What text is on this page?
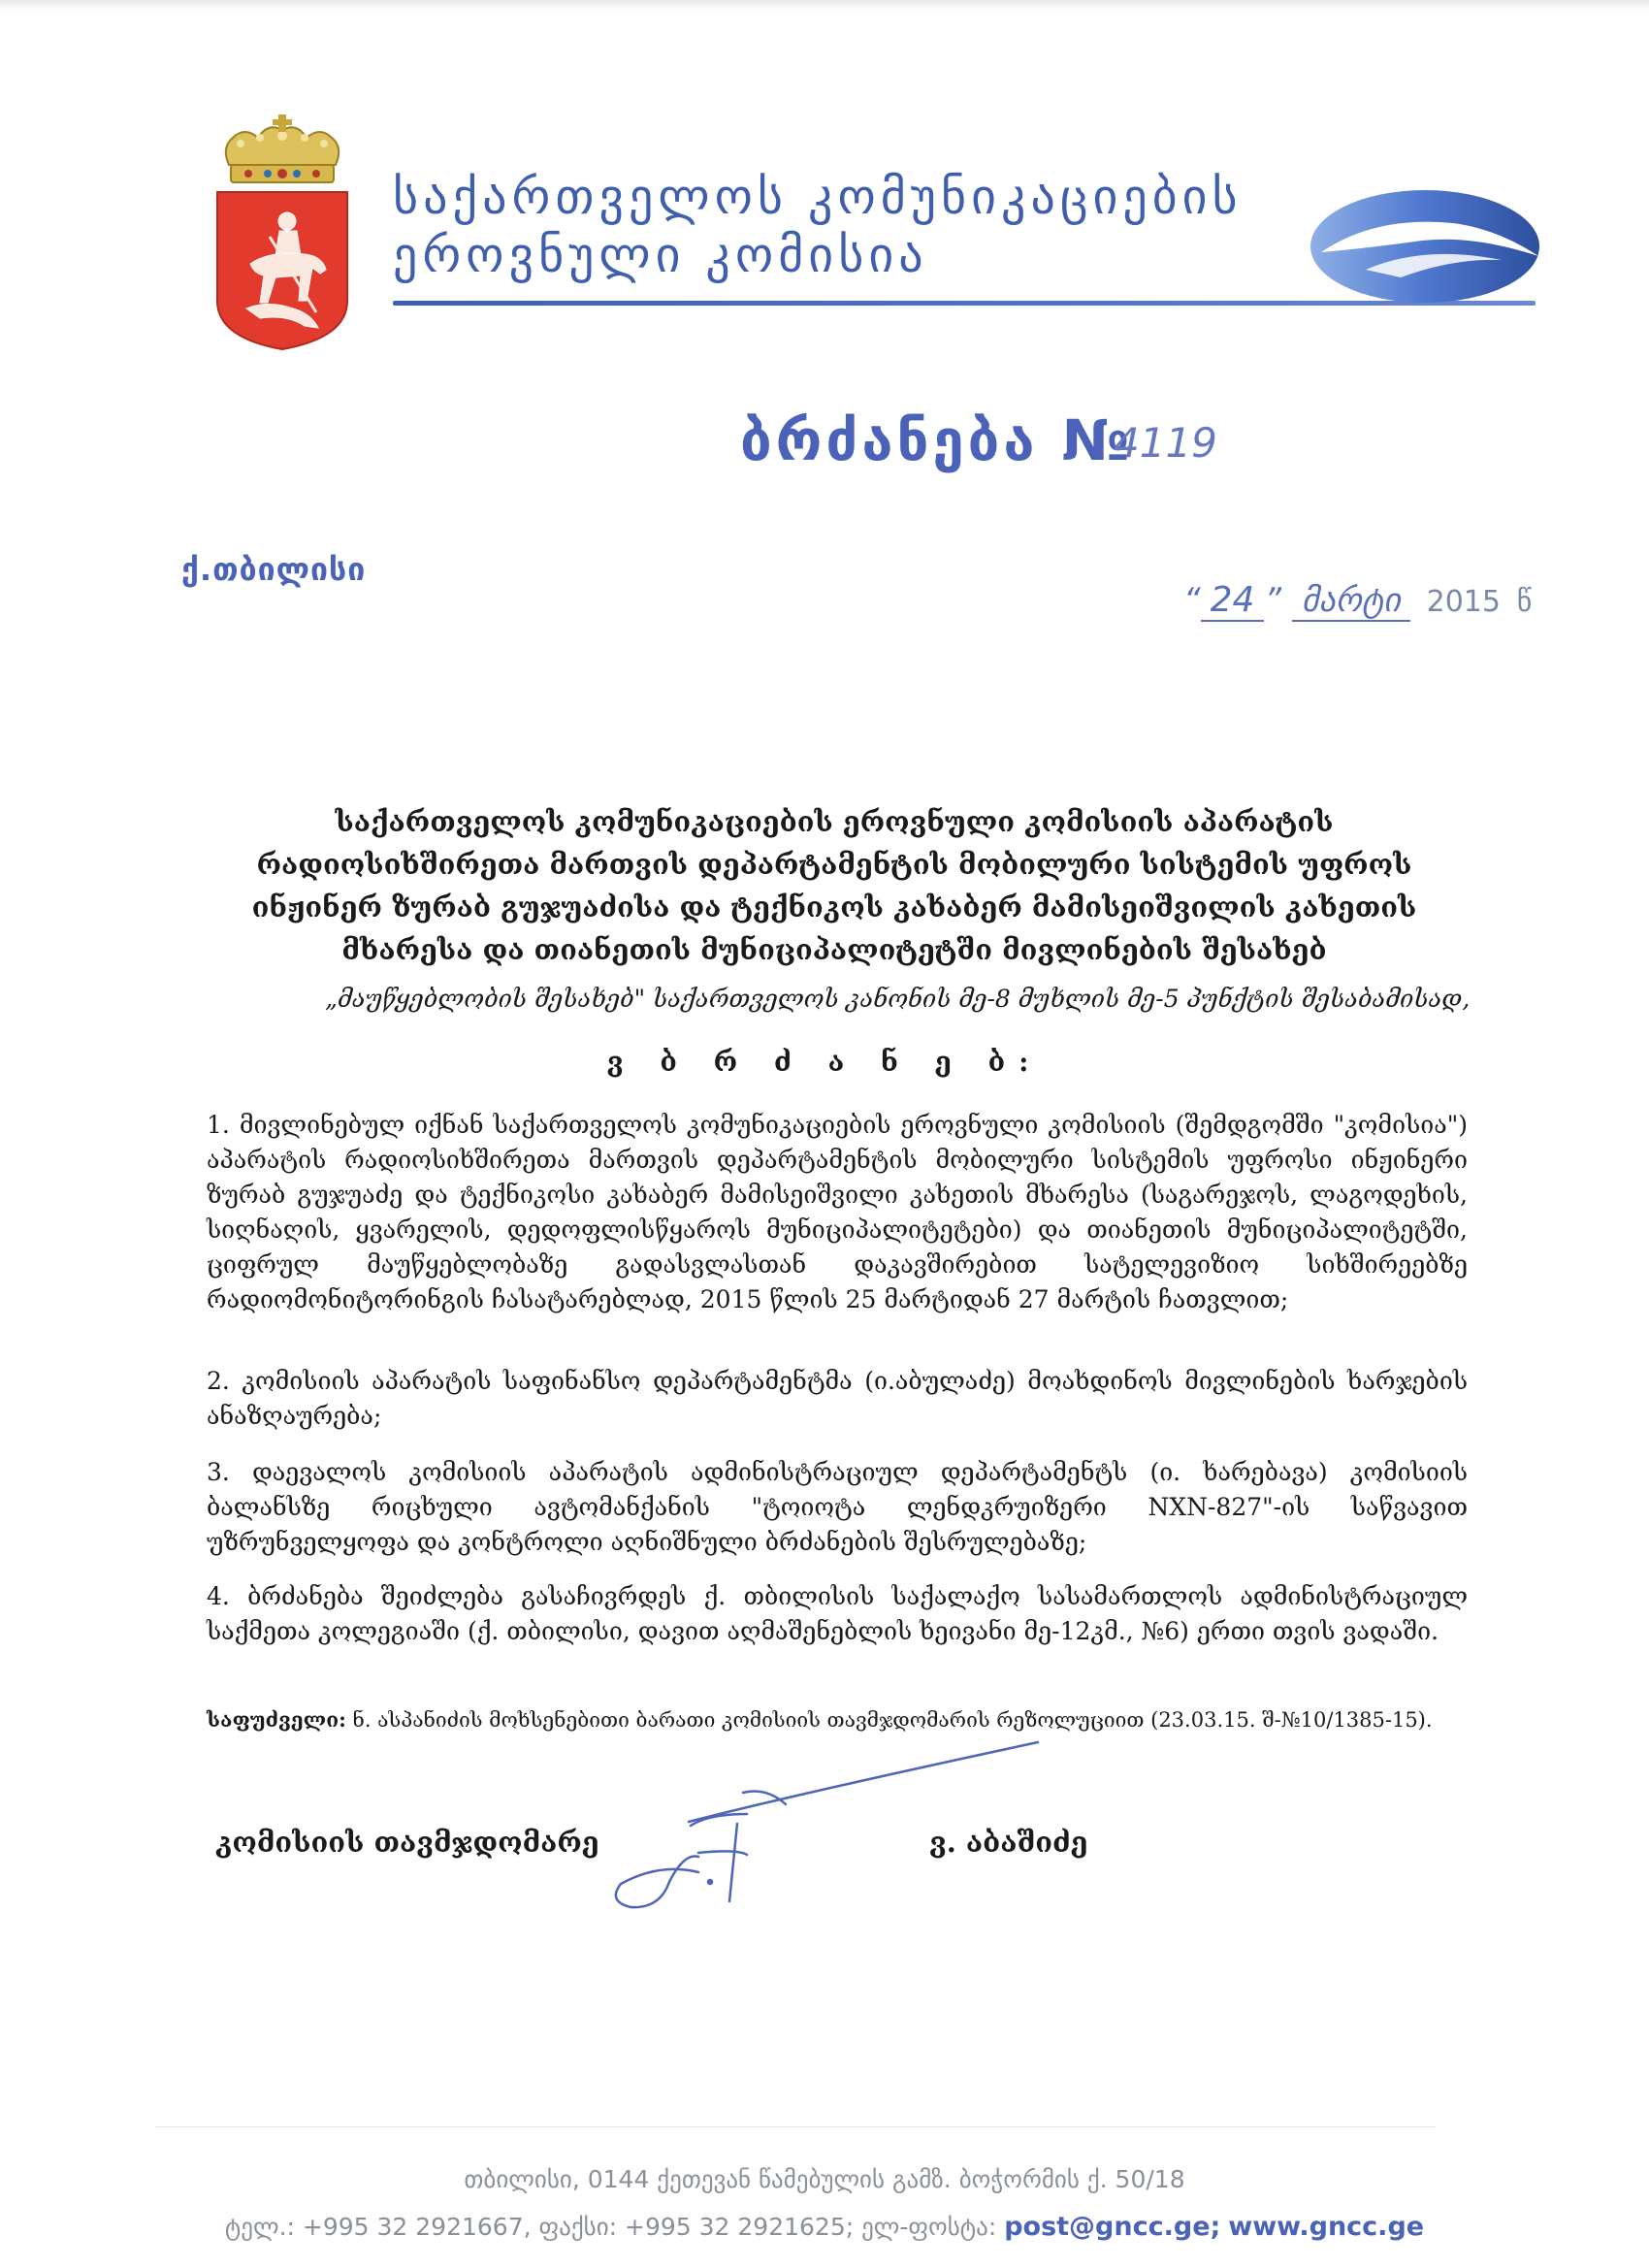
საქართველოს კომუნიკაციების
ეროვნული კომისია
ბრძანება №
4119
ქ.თბილისი
“ 24 ” მარტი 2015 წ
საქართველოს კომუნიკაციების ეროვნული კომისიის აპარატის რადიოსიხშირეთა მართვის დეპარტამენტის მობილური სისტემის უფროს ინჟინერ ზურაბ გუჯუაძისა და ტექნიკოს კახაბერ მამისეიშვილის კახეთის მხარესა და თიანეთის მუნიციპალიტეტში მივლინების შესახებ
„მაუწყებლობის შესახებ" საქართველოს კანონის მე-8 მუხლის მე-5 პუნქტის შესაბამისად,
ვ ბ რ ძ ა ნ ე ბ:
1. მივლინებულ იქნან საქართველოს კომუნიკაციების ეროვნული კომისიის (შემდგომში "კომისია") აპარატის რადიოსიხშირეთა მართვის დეპარტამენტის მობილური სისტემის უფროსი ინჟინერი ზურაბ გუჯუაძე და ტექნიკოსი კახაბერ მამისეიშვილი კახეთის მხარესა (საგარეჯოს, ლაგოდეხის, სიღნაღის, ყვარელის, დედოფლისწყაროს მუნიციპალიტეტები) და თიანეთის მუნიციპალიტეტში, ციფრულ მაუწყებლობაზე გადასვლასთან დაკავშირებით სატელევიზიო სიხშირეებზე რადიომონიტორინგის ჩასატარებლად, 2015 წლის 25 მარტიდან 27 მარტის ჩათვლით;
2. კომისიის აპარატის საფინანსო დეპარტამენტმა (ი.აბულაძე) მოახდინოს მივლინების ხარჯების ანაზღაურება;
3. დაევალოს კომისიის აპარატის ადმინისტრაციულ დეპარტამენტს (ი. ხარებავა) კომისიის ბალანსზე რიცხული ავტომანქანის "ტოიოტა ლენდკრუიზერი NXN-827"-ის საწვავით უზრუნველყოფა და კონტროლი აღნიშნული ბრძანების შესრულებაზე;
4. ბრძანება შეიძლება გასაჩივრდეს ქ. თბილისის საქალაქო სასამართლოს ადმინისტრაციულ საქმეთა კოლეგიაში (ქ. თბილისი, დავით აღმაშენებლის ხეივანი მე-12კმ., №6) ერთი თვის ვადაში.
საფუძველი: ნ. ასპანიძის მოხსენებითი ბარათი კომისიის თავმჯდომარის რეზოლუციით (23.03.15. შ-№10/1385-15).
კომისიის თავმჯდომარე	ვ. აბაშიძე
თბილისი, 0144 ქეთევან წამებულის გამზ. ბოჭორმის ქ. 50/18
ტელ.: +995 32 2921667, ფაქსი: +995 32 2921625; ელ-ფოსტა: post@gncc.ge; www.gncc.ge
